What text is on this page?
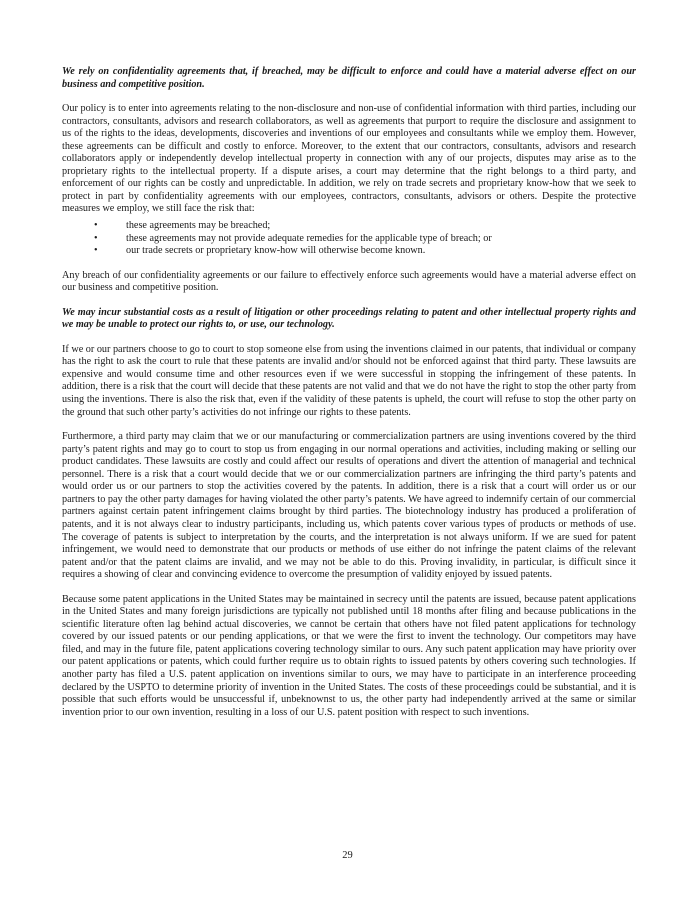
We rely on confidentiality agreements that, if breached, may be difficult to enforce and could have a material adverse effect on our business and competitive position.

Our policy is to enter into agreements relating to the non-disclosure and non-use of confidential information with third parties, including our contractors, consultants, advisors and research collaborators, as well as agreements that purport to require the disclosure and assignment to us of the rights to the ideas, developments, discoveries and inventions of our employees and consultants while we employ them. However, these agreements can be difficult and costly to enforce. Moreover, to the extent that our contractors, consultants, advisors and research collaborators apply or independently develop intellectual property in connection with any of our projects, disputes may arise as to the proprietary rights to the intellectual property. If a dispute arises, a court may determine that the right belongs to a third party, and enforcement of our rights can be costly and unpredictable. In addition, we rely on trade secrets and proprietary know-how that we seek to protect in part by confidentiality agreements with our employees, contractors, consultants, advisors or others. Despite the protective measures we employ, we still face the risk that:

•	these agreements may be breached;
•	these agreements may not provide adequate remedies for the applicable type of breach; or
•	our trade secrets or proprietary know-how will otherwise become known.

Any breach of our confidentiality agreements or our failure to effectively enforce such agreements would have a material adverse effect on our business and competitive position.

We may incur substantial costs as a result of litigation or other proceedings relating to patent and other intellectual property rights and we may be unable to protect our rights to, or use, our technology.

If we or our partners choose to go to court to stop someone else from using the inventions claimed in our patents, that individual or company has the right to ask the court to rule that these patents are invalid and/or should not be enforced against that third party. These lawsuits are expensive and would consume time and other resources even if we were successful in stopping the infringement of these patents. In addition, there is a risk that the court will decide that these patents are not valid and that we do not have the right to stop the other party from using the inventions. There is also the risk that, even if the validity of these patents is upheld, the court will refuse to stop the other party on the ground that such other party’s activities do not infringe our rights to these patents.

Furthermore, a third party may claim that we or our manufacturing or commercialization partners are using inventions covered by the third party’s patent rights and may go to court to stop us from engaging in our normal operations and activities, including making or selling our product candidates. These lawsuits are costly and could affect our results of operations and divert the attention of managerial and technical personnel. There is a risk that a court would decide that we or our commercialization partners are infringing the third party’s patents and would order us or our partners to stop the activities covered by the patents. In addition, there is a risk that a court will order us or our partners to pay the other party damages for having violated the other party’s patents. We have agreed to indemnify certain of our commercial partners against certain patent infringement claims brought by third parties. The biotechnology industry has produced a proliferation of patents, and it is not always clear to industry participants, including us, which patents cover various types of products or methods of use. The coverage of patents is subject to interpretation by the courts, and the interpretation is not always uniform. If we are sued for patent infringement, we would need to demonstrate that our products or methods of use either do not infringe the patent claims of the relevant patent and/or that the patent claims are invalid, and we may not be able to do this. Proving invalidity, in particular, is difficult since it requires a showing of clear and convincing evidence to overcome the presumption of validity enjoyed by issued patents.

Because some patent applications in the United States may be maintained in secrecy until the patents are issued, because patent applications in the United States and many foreign jurisdictions are typically not published until 18 months after filing and because publications in the scientific literature often lag behind actual discoveries, we cannot be certain that others have not filed patent applications for technology covered by our issued patents or our pending applications, or that we were the first to invent the technology. Our competitors may have filed, and may in the future file, patent applications covering technology similar to ours. Any such patent application may have priority over our patent applications or patents, which could further require us to obtain rights to issued patents by others covering such technologies. If another party has filed a U.S. patent application on inventions similar to ours, we may have to participate in an interference proceeding declared by the USPTO to determine priority of invention in the United States. The costs of these proceedings could be substantial, and it is possible that such efforts would be unsuccessful if, unbeknownst to us, the other party had independently arrived at the same or similar invention prior to our own invention, resulting in a loss of our U.S. patent position with respect to such inventions.

29
